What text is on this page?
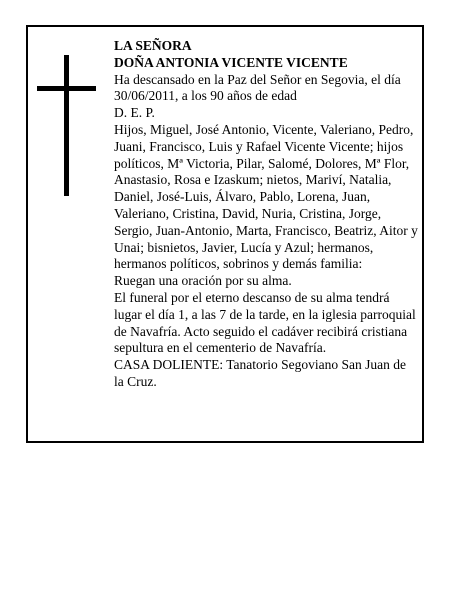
LA SEÑORA

DOÑA ANTONIA VICENTE VICENTE

Ha descansado en la Paz del Señor en Segovia, el día 30/06/2011, a los 90 años de edad

D. E. P.

Hijos, Miguel, José Antonio, Vicente, Valeriano, Pedro, Juani, Francisco, Luis y Rafael Vicente Vicente; hijos políticos, Mª Victoria, Pilar, Salomé, Dolores, Mª Flor, Anastasio, Rosa e Izaskum; nietos, Mariví, Natalia, Daniel, José-Luis, Álvaro, Pablo, Lorena, Juan, Valeriano, Cristina, David, Nuria, Cristina, Jorge, Sergio, Juan-Antonio, Marta, Francisco, Beatriz, Aitor y Unai; bisnietos, Javier, Lucía y Azul; hermanos, hermanos políticos, sobrinos y demás familia:

Ruegan una oración por su alma.

El funeral por el eterno descanso de su alma tendrá lugar el día 1, a las 7 de la tarde, en la iglesia parroquial de Navafría. Acto seguido el cadáver recibirá cristiana sepultura en el cementerio de Navafría.

CASA DOLIENTE: Tanatorio Segoviano San Juan de la Cruz.
